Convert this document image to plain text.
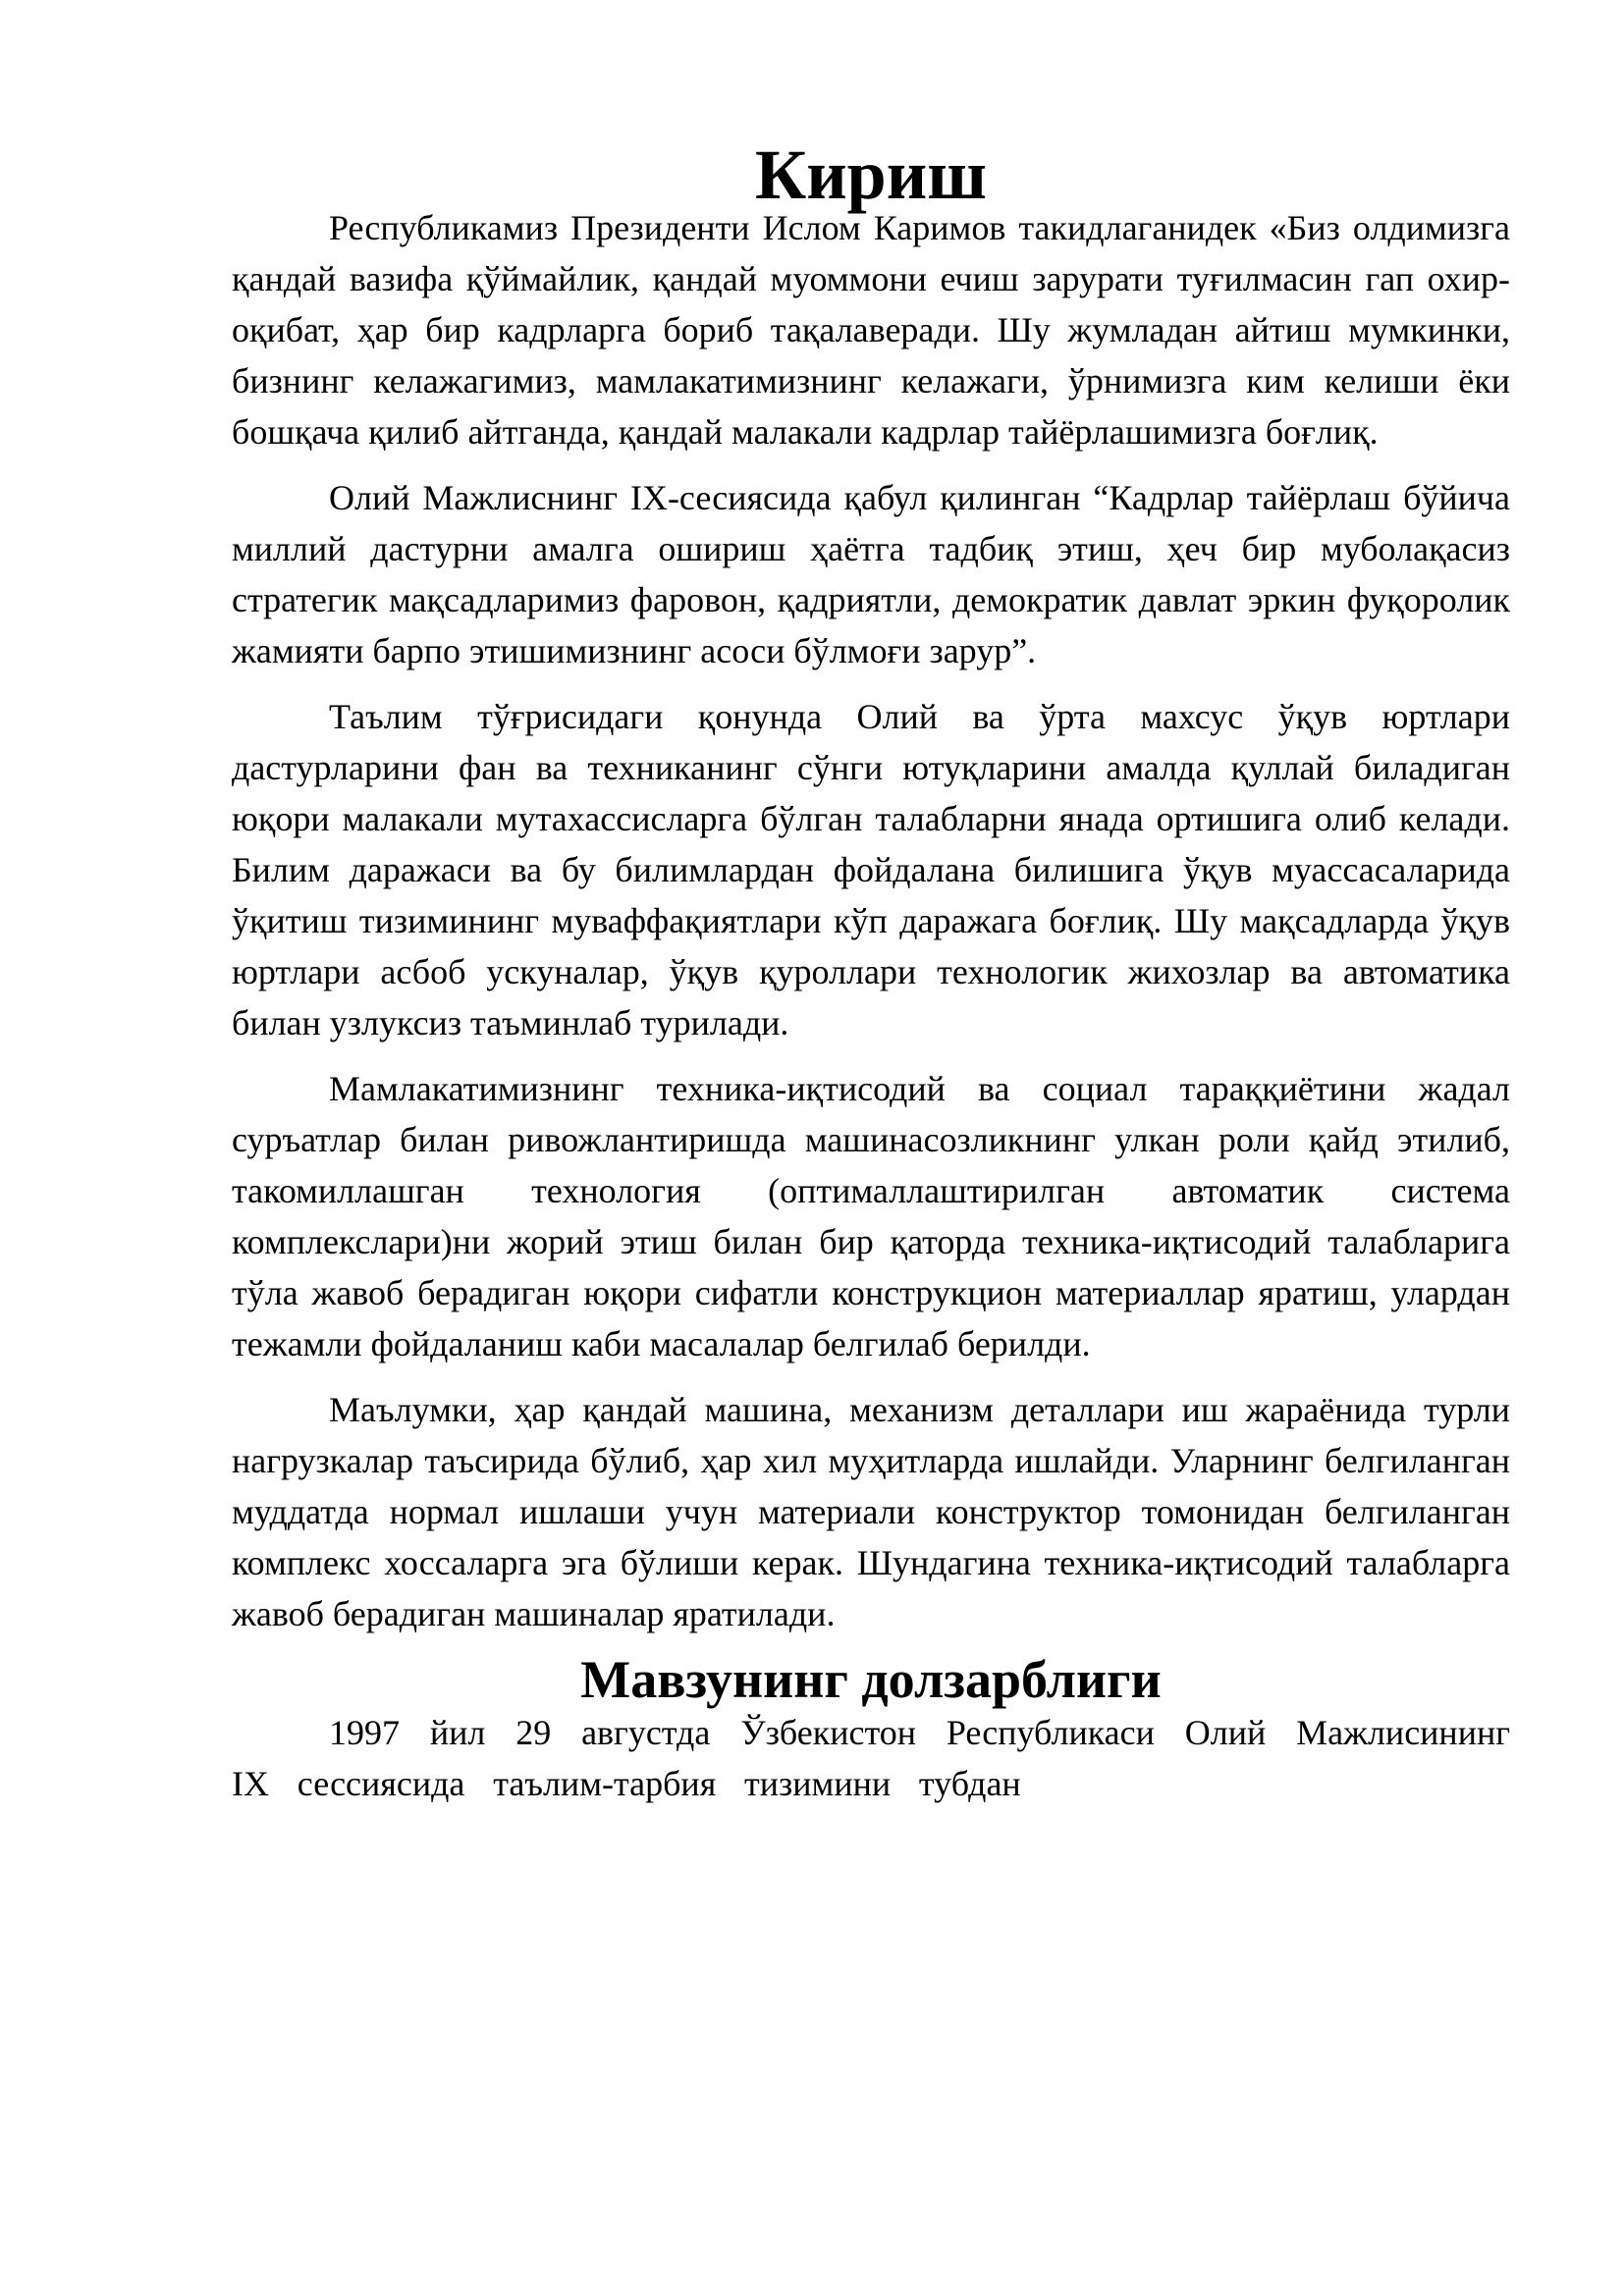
Кириш

Республикамиз Президенти Ислом Каримов такидлаганидек «Биз олдимизга қандай вазифа қўймайлик, қандай муоммони ечиш зарурати туғилмасин гап охир-оқибат, ҳар бир кадрларга бориб тақалаверади. Шу жумладан айтиш мумкинки, бизнинг келажагимиз, мамлакатимизнинг келажаги, ўрнимизга ким келиши ёки бошқача қилиб айтганда, қандай малакали кадрлар тайёрлашимизга боғлиқ.

Олий Мажлиснинг IX-сесиясида қабул қилинган “Кадрлар тайёрлаш бўйича миллий дастурни амалга ошириш ҳаётга тадбиқ этиш, ҳеч бир муболақасиз стратегик мақсадларимиз фаровон, қадриятли, демократик давлат эркин фуқоролик жамияти барпо этишимизнинг асоси бўлмоғи зарур”.

Таълим тўғрисидаги қонунда Олий ва ўрта махсус ўқув юртлари дастурларини фан ва техниканинг сўнги ютуқларини амалда қуллай биладиган юқори малакали мутахассисларга бўлган талабларни янада ортишига олиб келади. Билим даражаси ва бу билимлардан фойдалана билишига ўқув муассасаларида ўқитиш тизимининг муваффақиятлари кўп даражага боғлиқ. Шу мақсадларда ўқув юртлари асбоб ускуналар, ўқув қуроллари технологик жихозлар ва автоматика билан узлуксиз таъминлаб турилади.

Мамлакатимизнинг техника-иқтисодий ва социал тараққиётини жадал суръатлар билан ривожлантиришда машинасозликнинг улкан роли қайд этилиб, такомиллашган технология (оптималлаштирилган автоматик система комплекслари)ни жорий этиш билан бир қаторда техника-иқтисодий талабларига тўла жавоб берадиган юқори сифатли конструкцион материаллар яратиш, улардан тежамли фойдаланиш каби масалалар белгилаб берилди.

Маълумки, ҳар қандай машина, механизм деталлари иш жараёнида турли нагрузкалар таъсирида бўлиб, ҳар хил муҳитларда ишлайди. Уларнинг белгиланган муддатда нормал ишлаши учун материали конструктор томонидан белгиланган комплекс хоссаларга эга бўлиши керак. Шундагина техника-иқтисодий талабларга жавоб берадиган машиналар яратилади.

Мавзунинг долзарблиги

1997 йил 29 августда Ўзбекистон Республикаси Олий Мажлисининг IX сессиясида таълим-тарбия тизимини тубдан
